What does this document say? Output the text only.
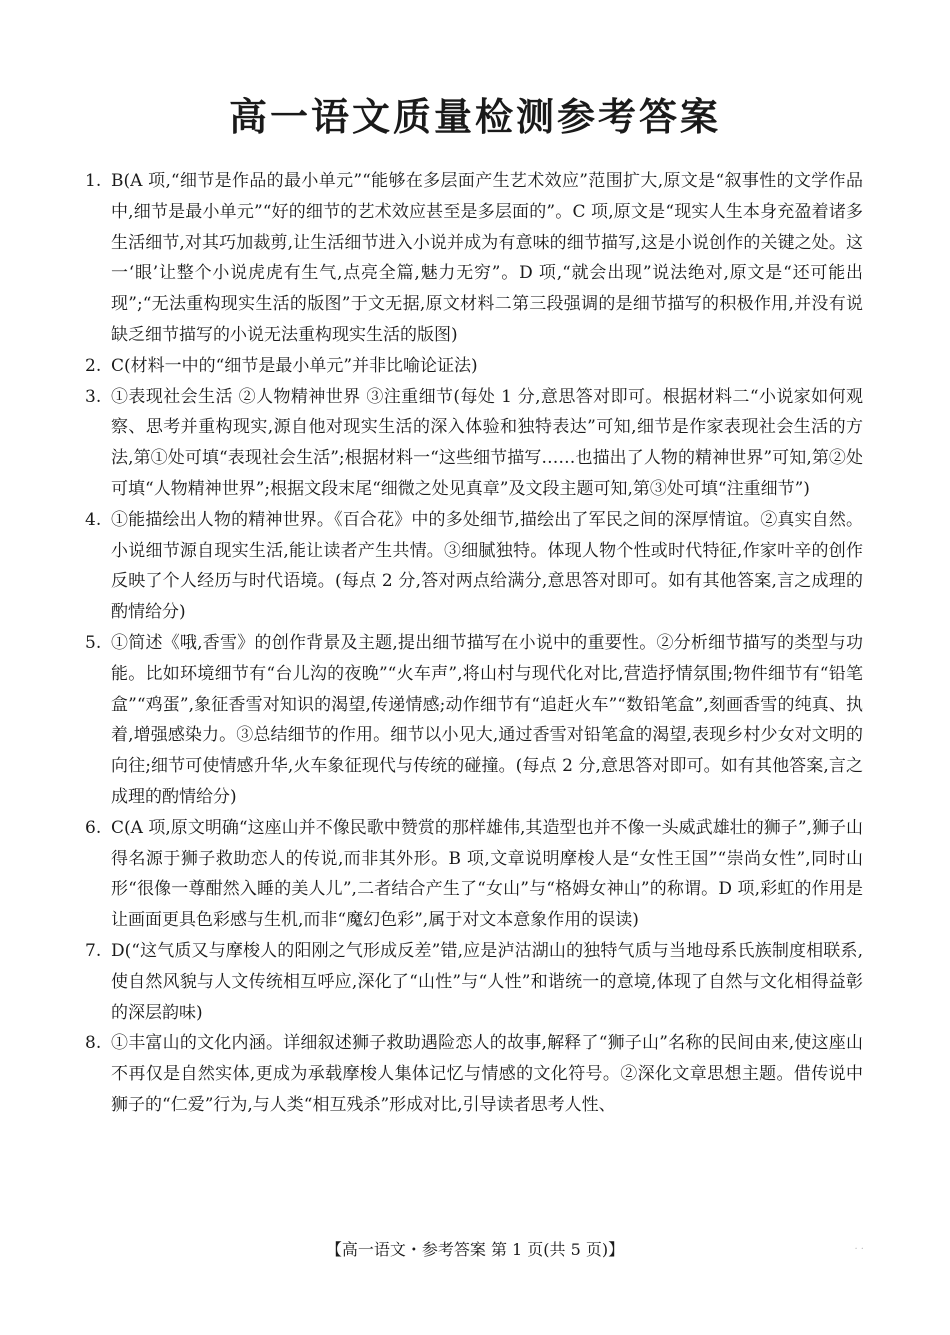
高一语文质量检测参考答案

1. B(A 项,“细节是作品的最小单元”“能够在多层面产生艺术效应”范围扩大,原文是“叙事性的文学作品中,细节是最小单元”“好的细节的艺术效应甚至是多层面的”。C 项,原文是“现实人生本身充盈着诸多生活细节,对其巧加裁剪,让生活细节进入小说并成为有意味的细节描写,这是小说创作的关键之处。这一‘眼’让整个小说虎虎有生气,点亮全篇,魅力无穷”。D 项,“就会出现”说法绝对,原文是“还可能出现”;“无法重构现实生活的版图”于文无据,原文材料二第三段强调的是细节描写的积极作用,并没有说缺乏细节描写的小说无法重构现实生活的版图)

2. C(材料一中的“细节是最小单元”并非比喻论证法)

3. ①表现社会生活 ②人物精神世界 ③注重细节(每处 1 分,意思答对即可。根据材料二“小说家如何观察、思考并重构现实,源自他对现实生活的深入体验和独特表达”可知,细节是作家表现社会生活的方法,第①处可填“表现社会生活”;根据材料一“这些细节描写……也描出了人物的精神世界”可知,第②处可填“人物精神世界”;根据文段末尾“细微之处见真章”及文段主题可知,第③处可填“注重细节”)

4. ①能描绘出人物的精神世界。《百合花》中的多处细节,描绘出了军民之间的深厚情谊。②真实自然。小说细节源自现实生活,能让读者产生共情。③细腻独特。体现人物个性或时代特征,作家叶辛的创作反映了个人经历与时代语境。(每点 2 分,答对两点给满分,意思答对即可。如有其他答案,言之成理的酌情给分)

5. ①简述《哦,香雪》的创作背景及主题,提出细节描写在小说中的重要性。②分析细节描写的类型与功能。比如环境细节有“台儿沟的夜晚”“火车声”,将山村与现代化对比,营造抒情氛围;物件细节有“铅笔盒”“鸡蛋”,象征香雪对知识的渴望,传递情感;动作细节有“追赶火车”“数铅笔盒”,刻画香雪的纯真、执着,增强感染力。③总结细节的作用。细节以小见大,通过香雪对铅笔盒的渴望,表现乡村少女对文明的向往;细节可使情感升华,火车象征现代与传统的碰撞。(每点 2 分,意思答对即可。如有其他答案,言之成理的酌情给分)

6. C(A 项,原文明确“这座山并不像民歌中赞赏的那样雄伟,其造型也并不像一头威武雄壮的狮子”,狮子山得名源于狮子救助恋人的传说,而非其外形。B 项,文章说明摩梭人是“女性王国”“崇尚女性”,同时山形“很像一尊酣然入睡的美人儿”,二者结合产生了“女山”与“格姆女神山”的称谓。D 项,彩虹的作用是让画面更具色彩感与生机,而非“魔幻色彩”,属于对文本意象作用的误读)

7. D(“这气质又与摩梭人的阳刚之气形成反差”错,应是泸沽湖山的独特气质与当地母系氏族制度相联系,使自然风貌与人文传统相互呼应,深化了“山性”与“人性”和谐统一的意境,体现了自然与文化相得益彰的深层韵味)

8. ①丰富山的文化内涵。详细叙述狮子救助遇险恋人的故事,解释了“狮子山”名称的民间由来,使这座山不再仅是自然实体,更成为承载摩梭人集体记忆与情感的文化符号。②深化文章思想主题。借传说中狮子的“仁爱”行为,与人类“相互残杀”形成对比,引导读者思考人性、

【高一语文・参考答案 第 1 页(共 5 页)】	· ·
